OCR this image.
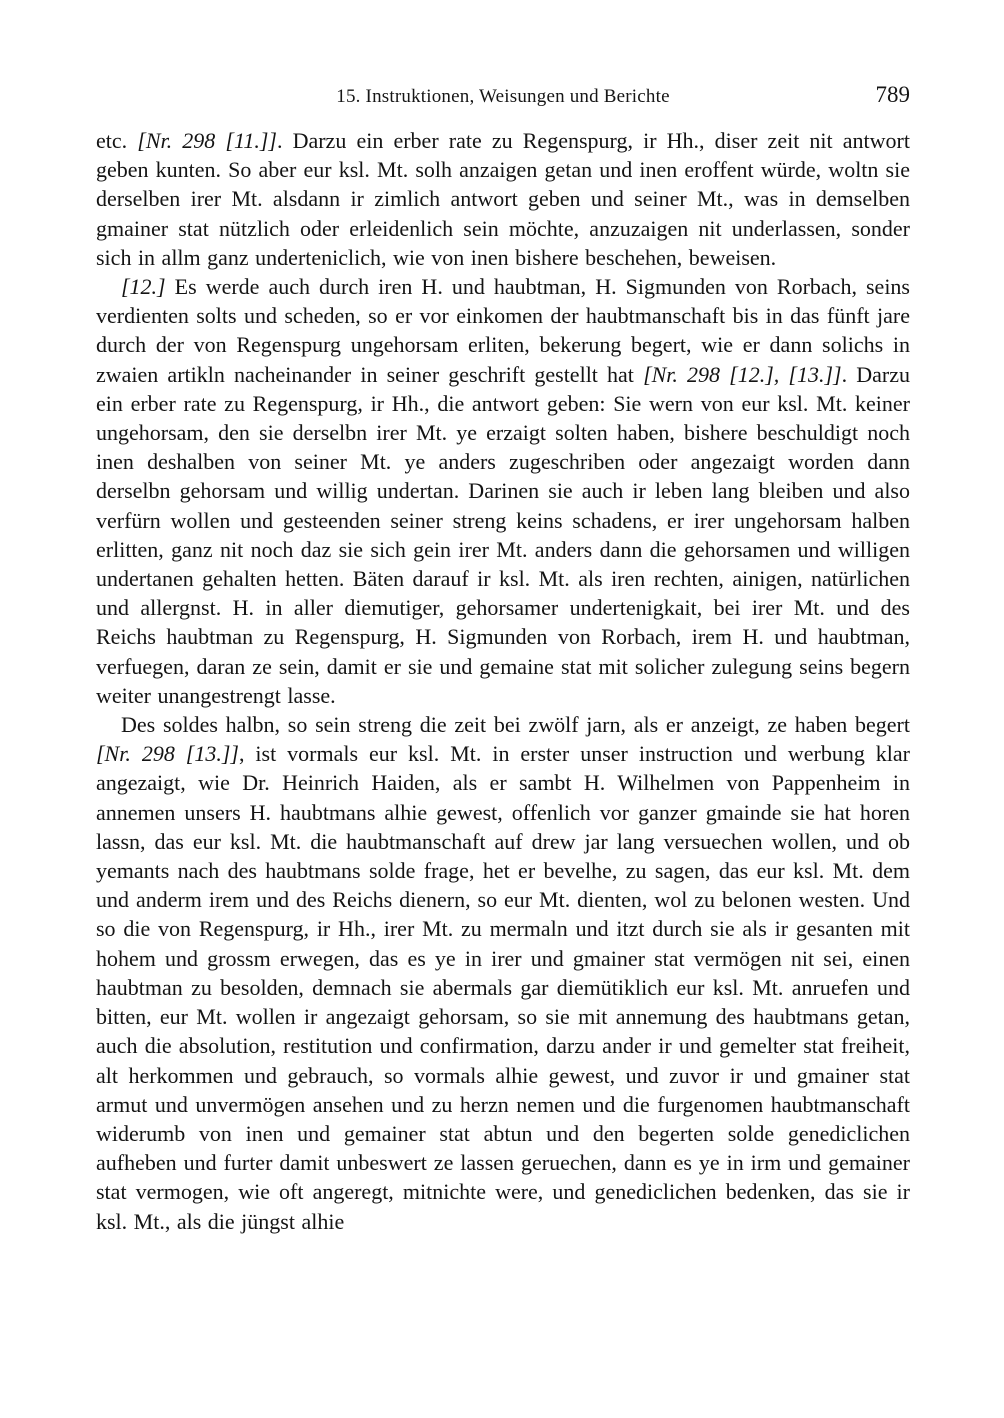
15. Instruktionen, Weisungen und Berichte	789

etc. [Nr. 298 [11.]]. Darzu ein erber rate zu Regenspurg, ir Hh., diser zeit nit antwort geben kunten. So aber eur ksl. Mt. solh anzaigen getan und inen eroffent würde, woltn sie derselben irer Mt. alsdann ir zimlich antwort geben und seiner Mt., was in demselben gmainer stat nützlich oder erleidenlich sein möchte, anzuzaigen nit underlassen, sonder sich in allm ganz underteniclich, wie von inen bishere beschehen, beweisen.

[12.] Es werde auch durch iren H. und haubtman, H. Sigmunden von Rorbach, seins verdienten solts und scheden, so er vor einkomen der haubtmanschaft bis in das fünft jare durch der von Regenspurg ungehorsam erliten, bekerung begert, wie er dann solichs in zwaien artikln nacheinander in seiner geschrift gestellt hat [Nr. 298 [12.], [13.]]. Darzu ein erber rate zu Regenspurg, ir Hh., die antwort geben: Sie wern von eur ksl. Mt. keiner ungehorsam, den sie derselbn irer Mt. ye erzaigt solten haben, bishere beschuldigt noch inen deshalben von seiner Mt. ye anders zugeschriben oder angezaigt worden dann derselbn gehorsam und willig undertan. Darinen sie auch ir leben lang bleiben und also verfürn wollen und gesteenden seiner streng keins schadens, er irer ungehorsam halben erlitten, ganz nit noch daz sie sich gein irer Mt. anders dann die gehorsamen und willigen undertanen gehalten hetten. Bäten darauf ir ksl. Mt. als iren rechten, ainigen, natürlichen und allergnst. H. in aller diemutiger, gehorsamer undertenigkait, bei irer Mt. und des Reichs haubtman zu Regenspurg, H. Sigmunden von Rorbach, irem H. und haubtman, verfuegen, daran ze sein, damit er sie und gemaine stat mit solicher zulegung seins begern weiter unangestrengt lasse.

Des soldes halbn, so sein streng die zeit bei zwölf jarn, als er anzeigt, ze haben begert [Nr. 298 [13.]], ist vormals eur ksl. Mt. in erster unser instruction und werbung klar angezaigt, wie Dr. Heinrich Haiden, als er sambt H. Wilhelmen von Pappenheim in annemen unsers H. haubtmans alhie gewest, offenlich vor ganzer gmainde sie hat horen lassn, das eur ksl. Mt. die haubtmanschaft auf drew jar lang versuechen wollen, und ob yemants nach des haubtmans solde frage, het er bevelhe, zu sagen, das eur ksl. Mt. dem und anderm irem und des Reichs dienern, so eur Mt. dienten, wol zu belonen westen. Und so die von Regenspurg, ir Hh., irer Mt. zu mermaln und itzt durch sie als ir gesanten mit hohem und grossm erwegen, das es ye in irer und gmainer stat vermögen nit sei, einen haubtman zu besolden, demnach sie abermals gar diemütiklich eur ksl. Mt. anruefen und bitten, eur Mt. wollen ir angezaigt gehorsam, so sie mit annemung des haubtmans getan, auch die absolution, restitution und confirmation, darzu ander ir und gemelter stat freiheit, alt herkommen und gebrauch, so vormals alhie gewest, und zuvor ir und gmainer stat armut und unvermögen ansehen und zu herzn nemen und die furgenomen haubtmanschaft widerumb von inen und gemainer stat abtun und den begerten solde genediclichen aufheben und furter damit unbeswert ze lassen geruechen, dann es ye in irm und gemainer stat vermogen, wie oft angeregt, mitnichte were, und genediclichen bedenken, das sie ir ksl. Mt., als die jüngst alhie
